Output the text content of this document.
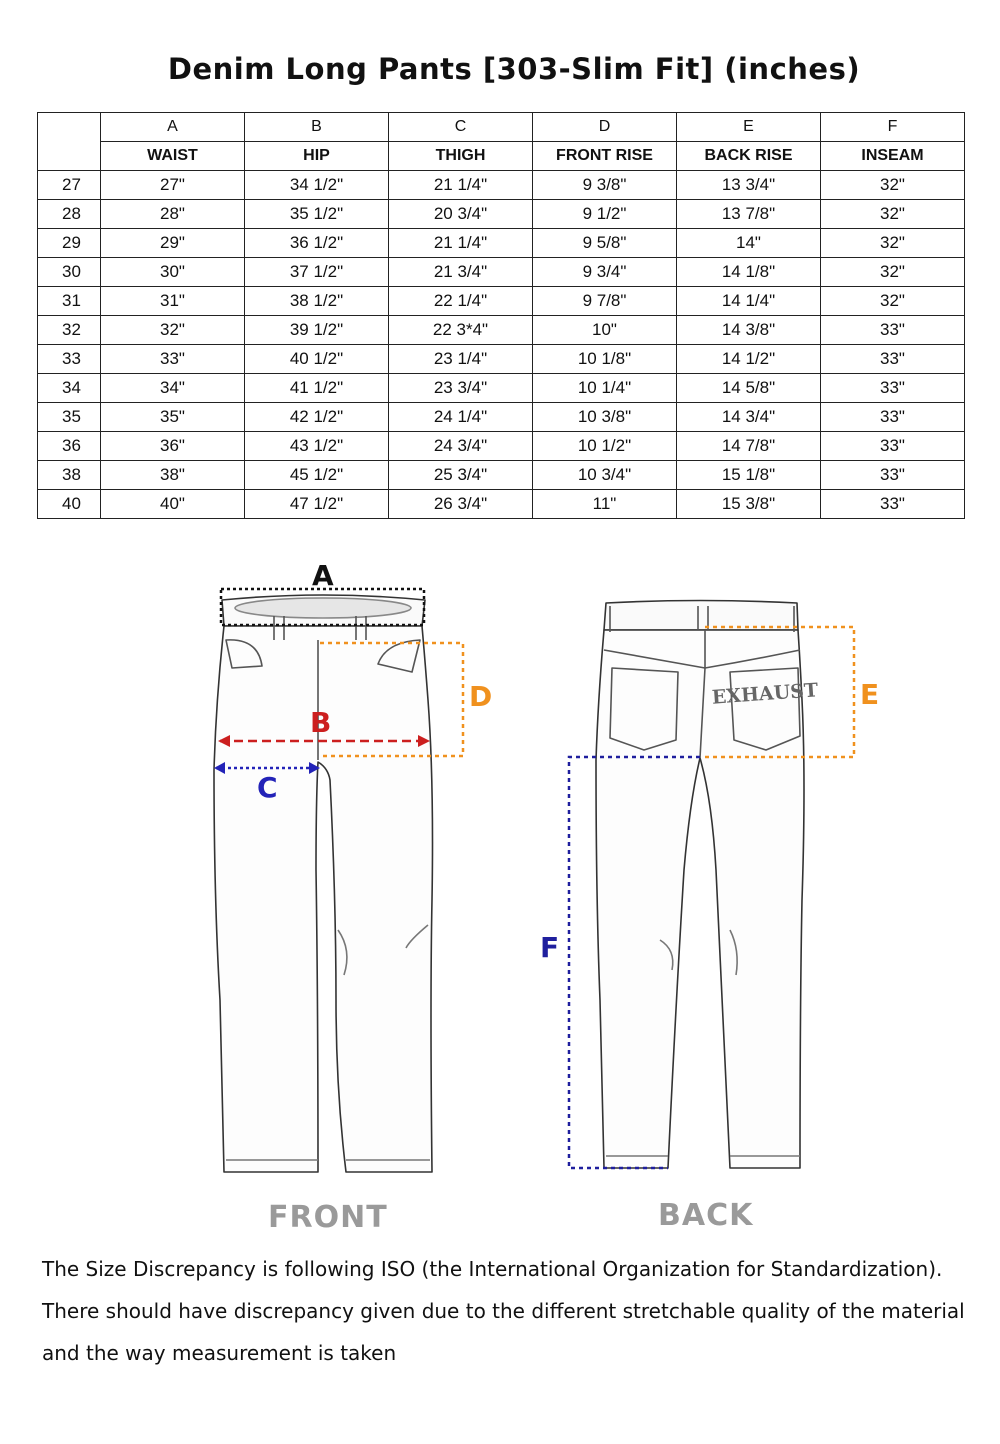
Denim Long Pants [303-Slim Fit] (inches)
	A	B	C	D	E	F
	WAIST	HIP	THIGH	FRONT RISE	BACK RISE	INSEAM
27	27"	34 1/2"	21 1/4"	9 3/8"	13 3/4"	32"
28	28"	35 1/2"	20 3/4"	9 1/2"	13 7/8"	32"
29	29"	36 1/2"	21 1/4"	9 5/8"	14"	32"
30	30"	37 1/2"	21 3/4"	9 3/4"	14 1/8"	32"
31	31"	38 1/2"	22 1/4"	9 7/8"	14 1/4"	32"
32	32"	39 1/2"	22 3*4"	10"	14 3/8"	33"
33	33"	40 1/2"	23 1/4"	10 1/8"	14 1/2"	33"
34	34"	41 1/2"	23 3/4"	10 1/4"	14 5/8"	33"
35	35"	42 1/2"	24 1/4"	10 3/8"	14 3/4"	33"
36	36"	43 1/2"	24 3/4"	10 1/2"	14 7/8"	33"
38	38"	45 1/2"	25 3/4"	10 3/4"	15 1/8"	33"
40	40"	47 1/2"	26 3/4"	11"	15 3/8"	33"
A
B
C
D	EXHAUST E
F
FRONT	BACK
The Size Discrepancy is following ISO (the International Organization for Standardization).
There should have discrepancy given due to the different stretchable quality of the material
and the way measurement is taken
